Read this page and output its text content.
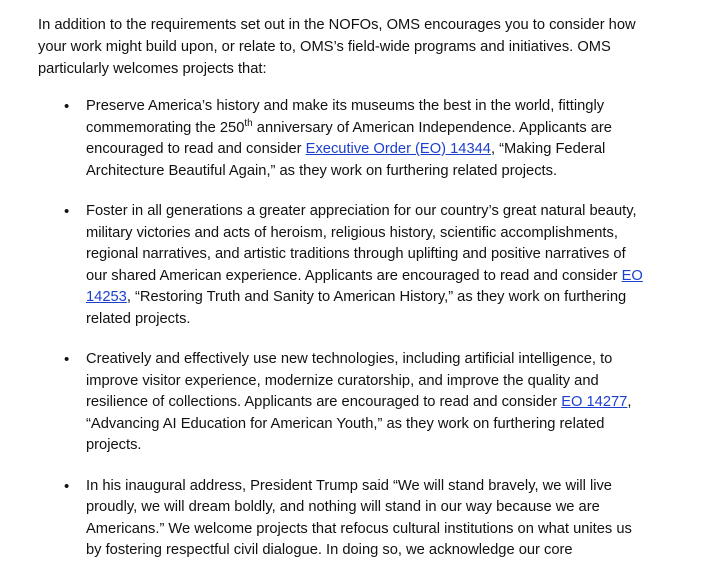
In addition to the requirements set out in the NOFOs, OMS encourages you to consider how your work might build upon, or relate to, OMS’s field-wide programs and initiatives. OMS particularly welcomes projects that:

• Preserve America’s history and make its museums the best in the world, fittingly commemorating the 250th anniversary of American Independence. Applicants are encouraged to read and consider Executive Order (EO) 14344, “Making Federal Architecture Beautiful Again,” as they work on furthering related projects.

• Foster in all generations a greater appreciation for our country’s great natural beauty, military victories and acts of heroism, religious history, scientific accomplishments, regional narratives, and artistic traditions through uplifting and positive narratives of our shared American experience. Applicants are encouraged to read and consider EO 14253, “Restoring Truth and Sanity to American History,” as they work on furthering related projects.

• Creatively and effectively use new technologies, including artificial intelligence, to improve visitor experience, modernize curatorship, and improve the quality and resilience of collections. Applicants are encouraged to read and consider EO 14277, “Advancing AI Education for American Youth,” as they work on furthering related projects.

• In his inaugural address, President Trump said “We will stand bravely, we will live proudly, we will dream boldly, and nothing will stand in our way because we are Americans.” We welcome projects that refocus cultural institutions on what unites us by fostering respectful civil dialogue. In doing so, we acknowledge our core
